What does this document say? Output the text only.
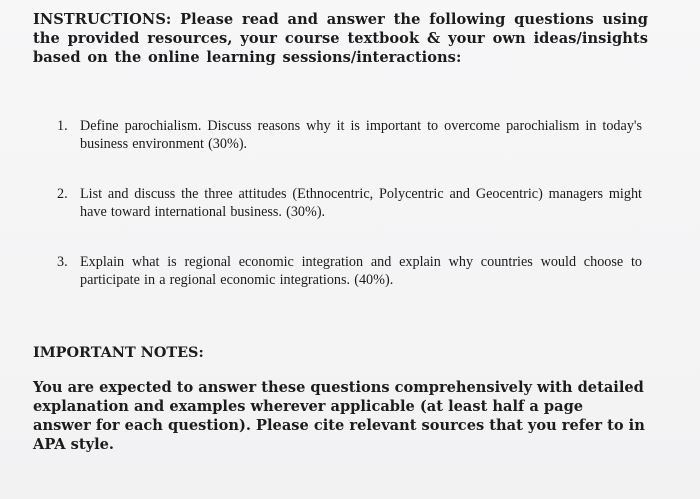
INSTRUCTIONS: Please read and answer the following questions using the provided resources, your course textbook & your own ideas/insights based on the online learning sessions/interactions:
1. Define parochialism. Discuss reasons why it is important to overcome parochialism in today's business environment (30%).
2. List and discuss the three attitudes (Ethnocentric, Polycentric and Geocentric) managers might have toward international business. (30%).
3. Explain what is regional economic integration and explain why countries would choose to participate in a regional economic integrations. (40%).
IMPORTANT NOTES:
You are expected to answer these questions comprehensively with detailed explanation and examples wherever applicable (at least half a page answer for each question). Please cite relevant sources that you refer to in APA style.
